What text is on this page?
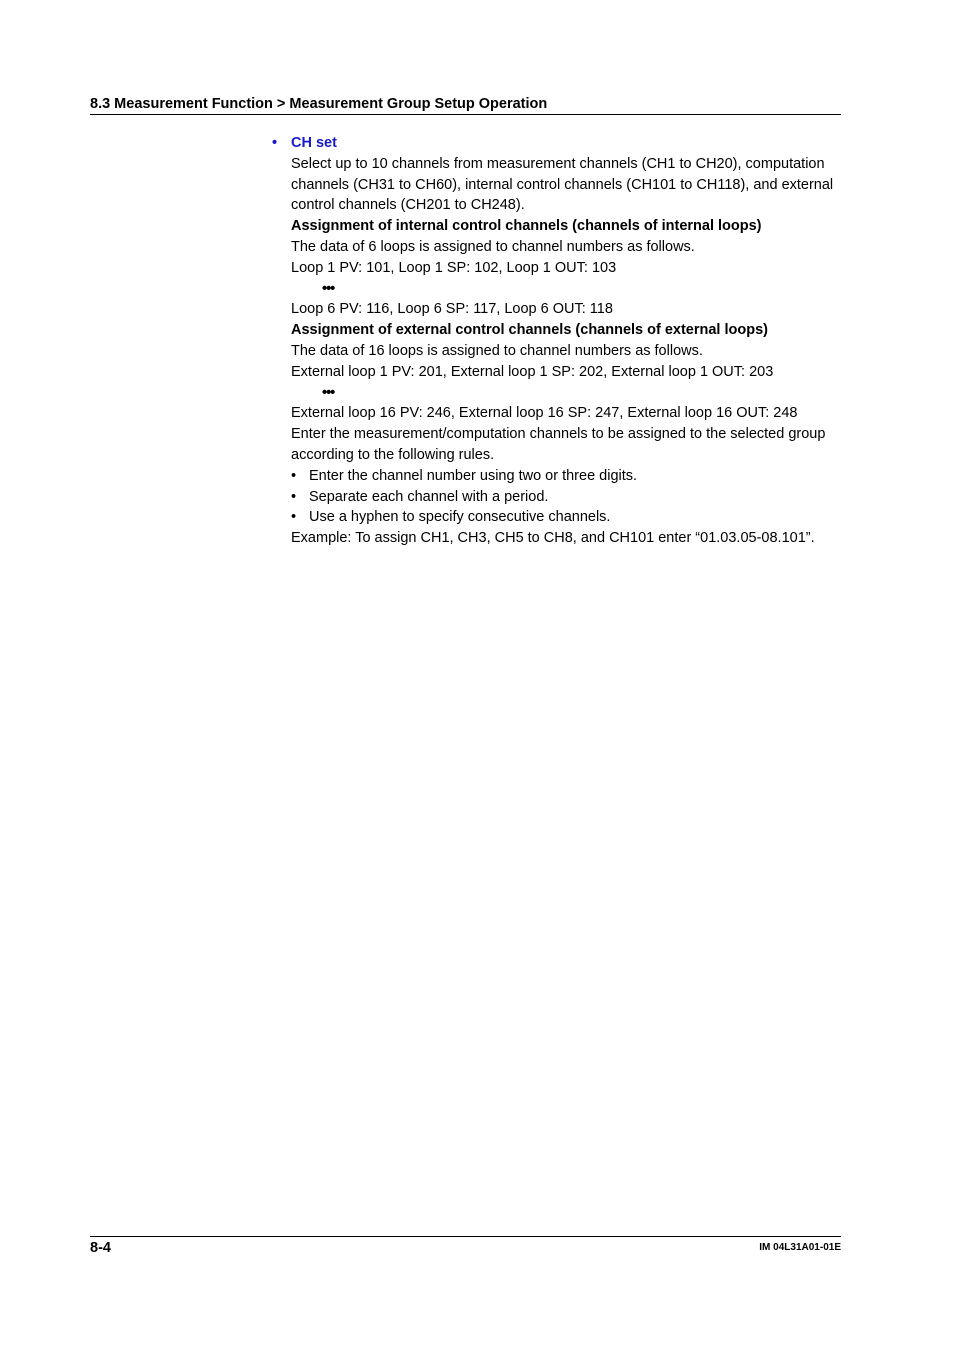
8.3 Measurement Function > Measurement Group Setup Operation
• CH set

Select up to 10 channels from measurement channels (CH1 to CH20), computation channels (CH31 to CH60), internal control channels (CH101 to CH118), and external control channels (CH201 to CH248).

Assignment of internal control channels (channels of internal loops)

The data of 6 loops is assigned to channel numbers as follows.

Loop 1 PV: 101, Loop 1 SP: 102, Loop 1 OUT: 103

•••

Loop 6 PV: 116, Loop 6 SP: 117, Loop 6 OUT: 118

Assignment of external control channels (channels of external loops)

The data of 16 loops is assigned to channel numbers as follows.

External loop 1 PV: 201, External loop 1 SP: 202, External loop 1 OUT: 203

•••

External loop 16 PV: 246, External loop 16 SP: 247, External loop 16 OUT: 248

Enter the measurement/computation channels to be assigned to the selected group according to the following rules.

• Enter the channel number using two or three digits.
• Separate each channel with a period.
• Use a hyphen to specify consecutive channels.

Example: To assign CH1, CH3, CH5 to CH8, and CH101 enter “01.03.05-08.101”.

8-4	IM 04L31A01-01E
